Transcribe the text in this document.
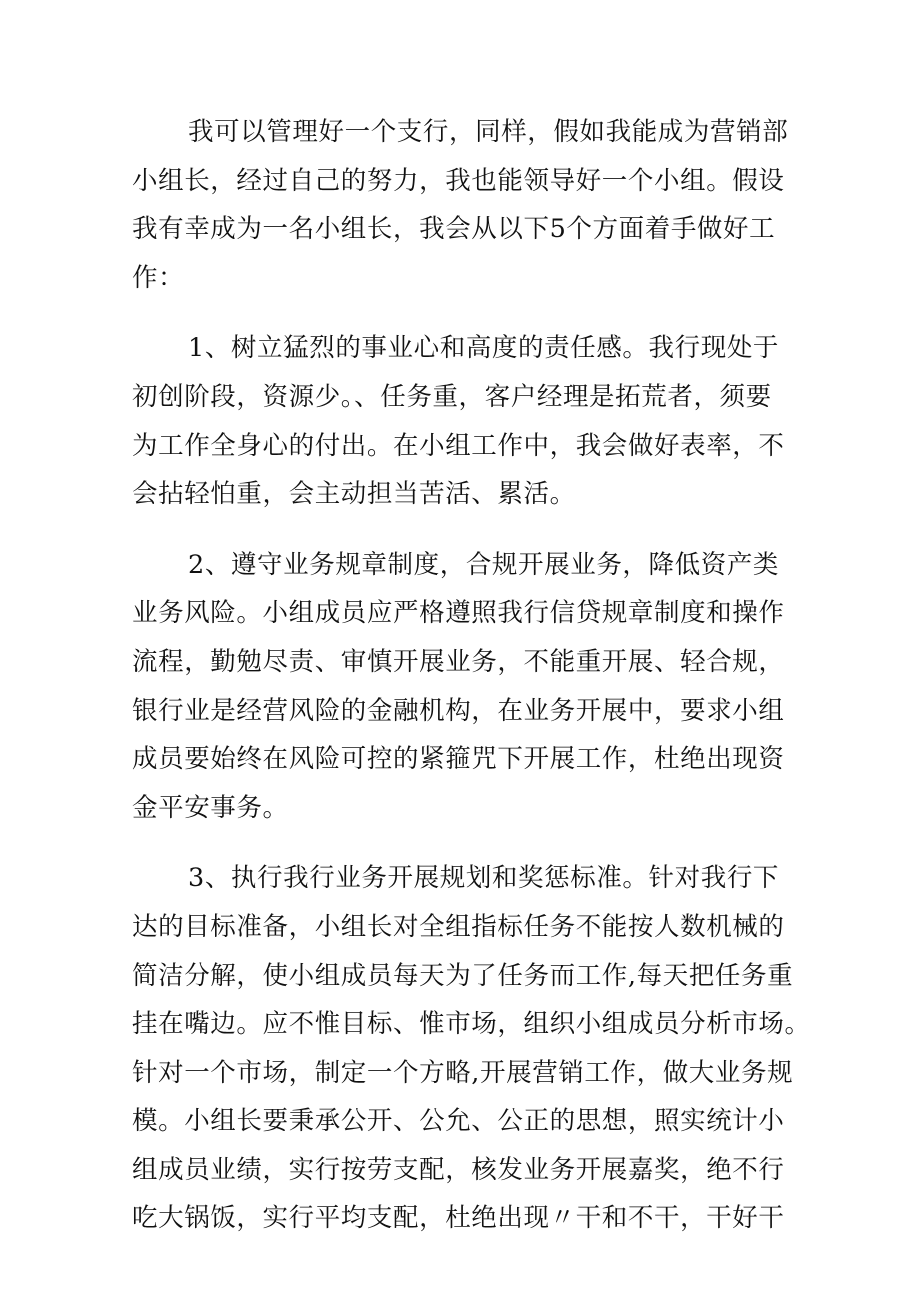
我可以管理好一个支行，同样，假如我能成为营销部
小组长，经过自己的努力，我也能领导好一个小组。假设
我有幸成为一名小组长，我会从以下5个方面着手做好工
作：

1、树立猛烈的事业心和高度的责任感。我行现处于
初创阶段，资源少。、任务重，客户经理是拓荒者，须要
为工作全身心的付出。在小组工作中，我会做好表率，不
会拈轻怕重，会主动担当苦活、累活。

2、遵守业务规章制度，合规开展业务，降低资产类
业务风险。小组成员应严格遵照我行信贷规章制度和操作
流程，勤勉尽责、审慎开展业务，不能重开展、轻合规，
银行业是经营风险的金融机构，在业务开展中，要求小组
成员要始终在风险可控的紧箍咒下开展工作，杜绝出现资
金平安事务。

3、执行我行业务开展规划和奖惩标准。针对我行下
达的目标准备，小组长对全组指标任务不能按人数机械的
简洁分解，使小组成员每天为了任务而工作,每天把任务重
挂在嘴边。应不惟目标、惟市场，组织小组成员分析市场。
针对一个市场，制定一个方略,开展营销工作，做大业务规
模。小组长要秉承公开、公允、公正的思想，照实统计小
组成员业绩，实行按劳支配，核发业务开展嘉奖，绝不行
吃大锅饭，实行平均支配，杜绝出现〃干和不干，干好干
